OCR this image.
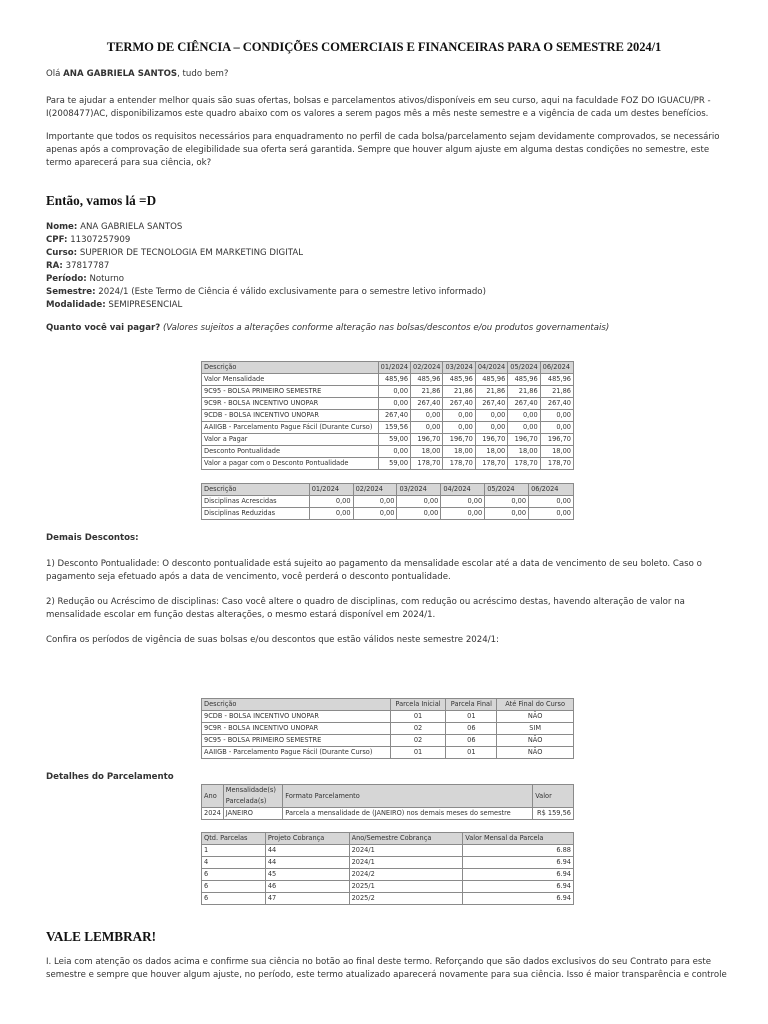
TERMO DE CIÊNCIA – CONDIÇÕES COMERCIAIS E FINANCEIRAS PARA O SEMESTRE 2024/1

Olá ANA GABRIELA SANTOS, tudo bem?

Para te ajudar a entender melhor quais são suas ofertas, bolsas e parcelamentos ativos/disponíveis em seu curso, aqui na faculdade FOZ DO IGUACU/PR - I(2008477)AC, disponibilizamos este quadro abaixo com os valores a serem pagos mês a mês neste semestre e a vigência de cada um destes benefícios.

Importante que todos os requisitos necessários para enquadramento no perfil de cada bolsa/parcelamento sejam devidamente comprovados, se necessário apenas após a comprovação de elegibilidade sua oferta será garantida. Sempre que houver algum ajuste em alguma destas condições no semestre, este termo aparecerá para sua ciência, ok?

Então, vamos lá =D
Nome: ANA GABRIELA SANTOS
CPF: 11307257909
Curso: SUPERIOR DE TECNOLOGIA EM MARKETING DIGITAL
RA: 37817787
Período: Noturno
Semestre: 2024/1 (Este Termo de Ciência é válido exclusivamente para o semestre letivo informado)
Modalidade: SEMIPRESENCIAL

Quanto você vai pagar? (Valores sujeitos a alterações conforme alteração nas bolsas/descontos e/ou produtos governamentais)

Descrição	01/2024	02/2024	03/2024	04/2024	05/2024	06/2024
Valor Mensalidade	485,96	485,96	485,96	485,96	485,96	485,96
9C95 - BOLSA PRIMEIRO SEMESTRE	0,00	21,86	21,86	21,86	21,86	21,86
9C9R - BOLSA INCENTIVO UNOPAR	0,00	267,40	267,40	267,40	267,40	267,40
9CDB - BOLSA INCENTIVO UNOPAR	267,40	0,00	0,00	0,00	0,00	0,00
AAIIGB - Parcelamento Pague Fácil (Durante Curso)	159,56	0,00	0,00	0,00	0,00	0,00
Valor a Pagar	59,00	196,70	196,70	196,70	196,70	196,70
Desconto Pontualidade	0,00	18,00	18,00	18,00	18,00	18,00
Valor a pagar com o Desconto Pontualidade	59,00	178,70	178,70	178,70	178,70	178,70
Descrição	01/2024	02/2024	03/2024	04/2024	05/2024	06/2024
Disciplinas Acrescidas	0,00	0,00	0,00	0,00	0,00	0,00
Disciplinas Reduzidas	0,00	0,00	0,00	0,00	0,00	0,00
Demais Descontos:

1) Desconto Pontualidade: O desconto pontualidade está sujeito ao pagamento da mensalidade escolar até a data de vencimento de seu boleto. Caso o pagamento seja efetuado após a data de vencimento, você perderá o desconto pontualidade.

2) Redução ou Acréscimo de disciplinas: Caso você altere o quadro de disciplinas, com redução ou acréscimo destas, havendo alteração de valor na mensalidade escolar em função destas alterações, o mesmo estará disponível em 2024/1.

Confira os períodos de vigência de suas bolsas e/ou descontos que estão válidos neste semestre 2024/1:

Descrição	Parcela Inicial	Parcela Final	Até Final do Curso
9CDB - BOLSA INCENTIVO UNOPAR	01	01	NÃO
9C9R - BOLSA INCENTIVO UNOPAR	02	06	SIM
9C95 - BOLSA PRIMEIRO SEMESTRE	02	06	NÃO
AAIIGB - Parcelamento Pague Fácil (Durante Curso)	01	01	NÃO
Detalhes do Parcelamento
Ano	Mensalidade(s) Parcelada(s)	Formato Parcelamento	Valor
2024	JANEIRO	Parcela a mensalidade de (JANEIRO) nos demais meses do semestre	R$ 159,56
Qtd. Parcelas	Projeto Cobrança	Ano/Semestre Cobrança	Valor Mensal da Parcela
1	44	2024/1	6.88
4	44	2024/1	6.94
6	45	2024/2	6.94
6	46	2025/1	6.94
6	47	2025/2	6.94
VALE LEMBRAR!

I. Leia com atenção os dados acima e confirme sua ciência no botão ao final deste termo. Reforçando que são dados exclusivos do seu Contrato para este semestre e sempre que houver algum ajuste, no período, este termo atualizado aparecerá novamente para sua ciência. Isso é maior transparência e controle
